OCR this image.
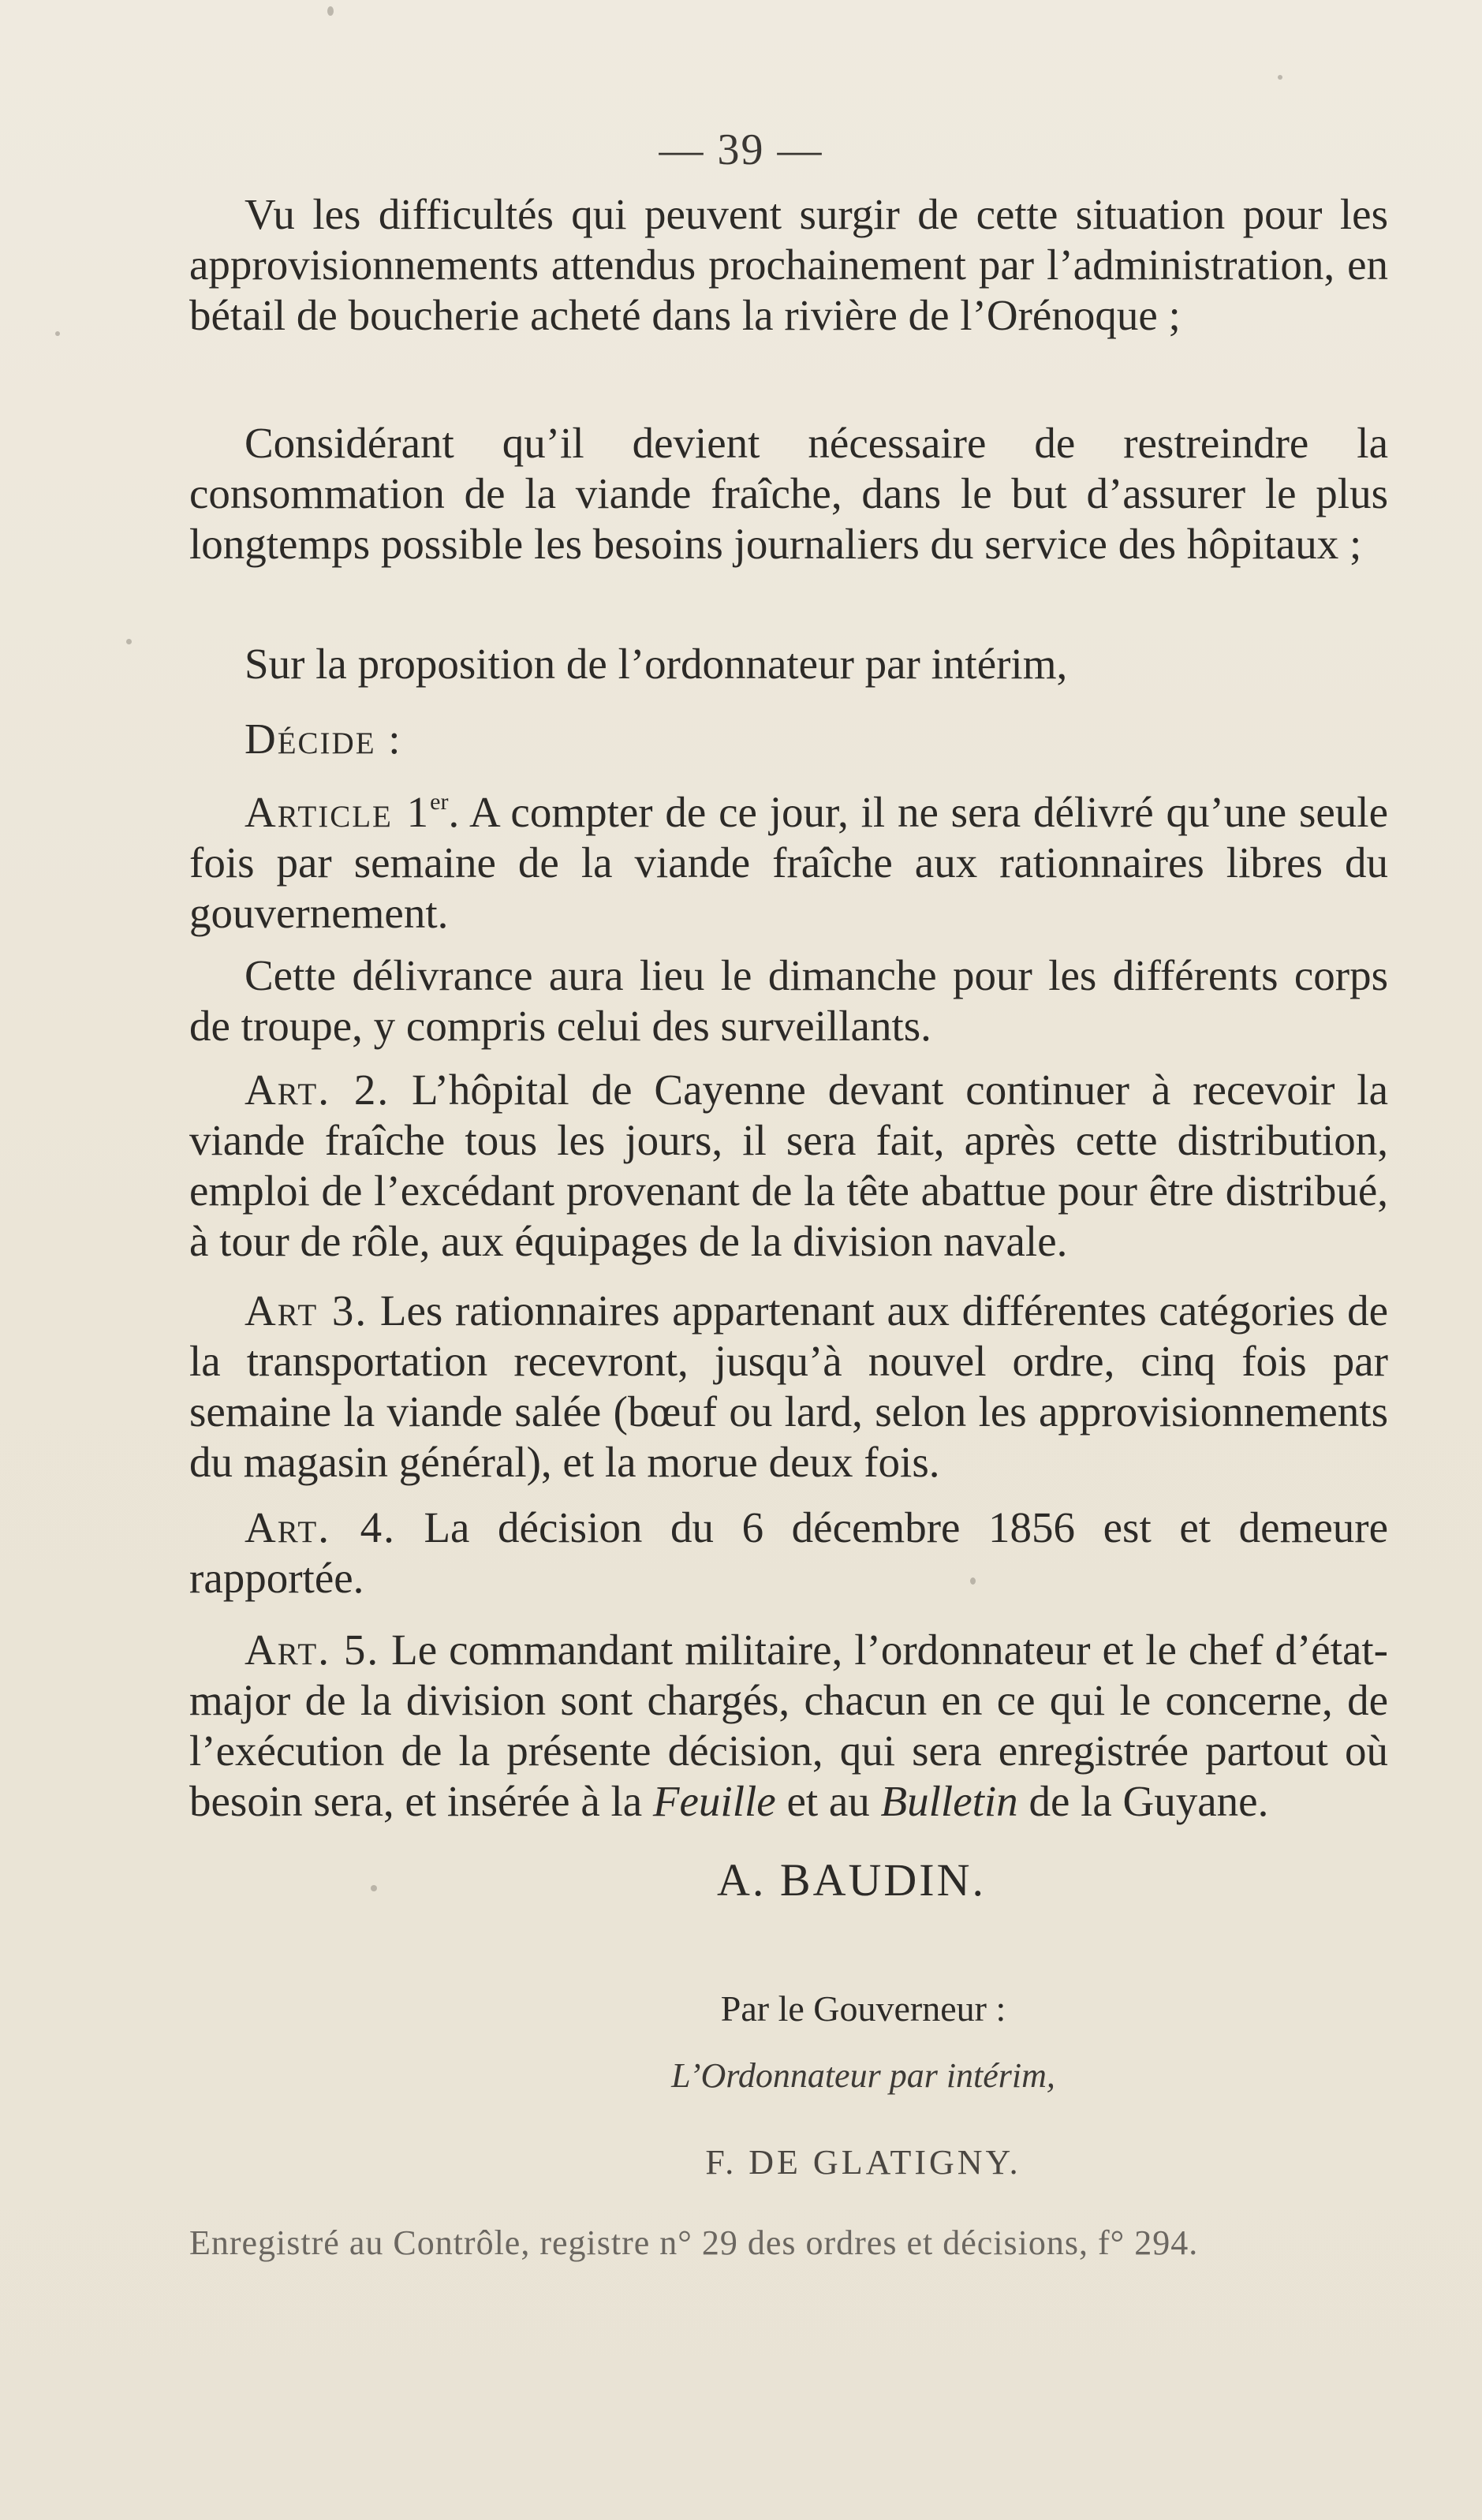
— 39 —

Vu les difficultés qui peuvent surgir de cette situation pour les approvisionnements attendus prochainement par l’administration, en bétail de boucherie acheté dans la rivière de l’Orénoque ;

Considérant qu’il devient nécessaire de restreindre la consommation de la viande fraîche, dans le but d’assurer le plus longtemps possible les besoins journaliers du service des hôpitaux ;

Sur la proposition de l’ordonnateur par intérim,

Décide :

Article 1er. A compter de ce jour, il ne sera délivré qu’une seule fois par semaine de la viande fraîche aux rationnaires libres du gouvernement.

Cette délivrance aura lieu le dimanche pour les différents corps de troupe, y compris celui des surveillants.

Art. 2. L’hôpital de Cayenne devant continuer à recevoir la viande fraîche tous les jours, il sera fait, après cette distribution, emploi de l’excédant provenant de la tête abattue pour être distribué, à tour de rôle, aux équipages de la division navale.

Art 3. Les rationnaires appartenant aux différentes catégories de la transportation recevront, jusqu’à nouvel ordre, cinq fois par semaine la viande salée (bœuf ou lard, selon les approvisionnements du magasin général), et la morue deux fois.

Art. 4. La décision du 6 décembre 1856 est et demeure rapportée.

Art. 5. Le commandant militaire, l’ordonnateur et le chef d’état-major de la division sont chargés, chacun en ce qui le concerne, de l’exécution de la présente décision, qui sera enregistrée partout où besoin sera, et insérée à la Feuille et au Bulletin de la Guyane.

A. BAUDIN.

Par le Gouverneur :

L’Ordonnateur par intérim,

F. DE GLATIGNY.

Enregistré au Contrôle, registre n° 29 des ordres et décisions, f° 294.
